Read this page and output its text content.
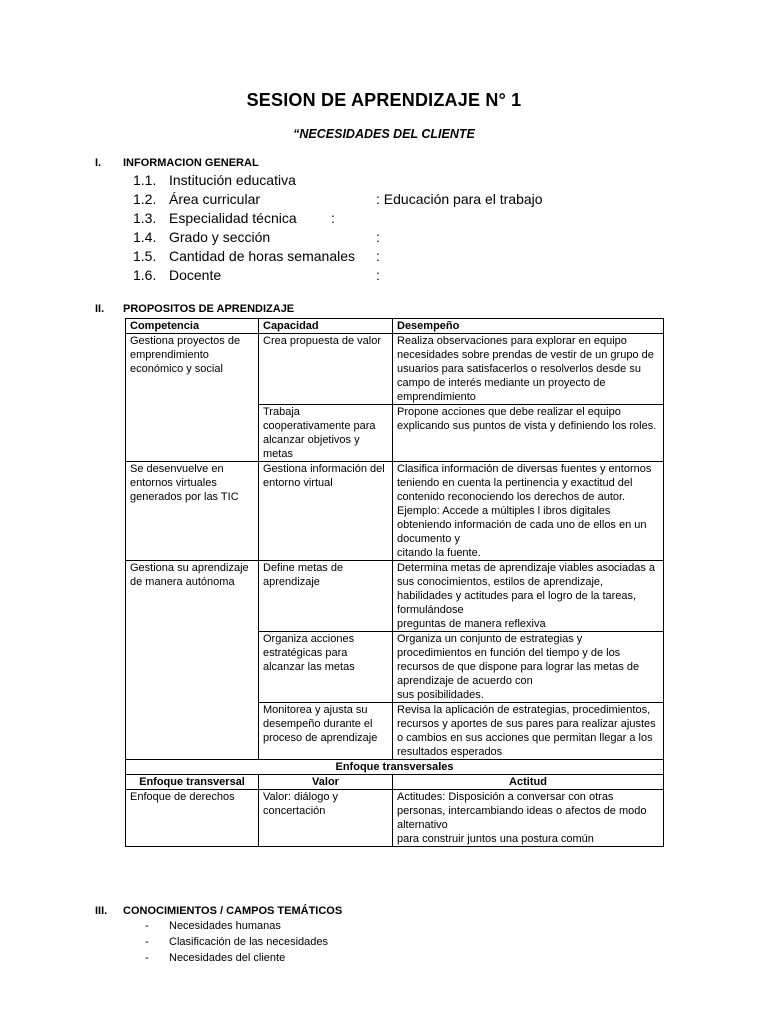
SESION DE APRENDIZAJE N° 1
“NECESIDADES DEL CLIENTE
I. INFORMACION GENERAL
1.1. Institución educativa
1.2. Área curricular	: Educación para el trabajo
1.3. Especialidad técnica :
1.4. Grado y sección	:
1.5. Cantidad de horas semanales :
1.6. Docente	:
II. PROPOSITOS DE APRENDIZAJE
Competencia	Capacidad	Desempeño
Gestiona proyectos de emprendimiento económico y social	Crea propuesta de valor	Realiza observaciones para explorar en equipo necesidades sobre prendas de vestir de un grupo de usuarios para satisfacerlos o resolverlos desde su
campo de interés mediante un proyecto de emprendimiento
	Trabaja cooperativamente para alcanzar objetivos y metas	Propone acciones que debe realizar el equipo explicando sus puntos de vista y definiendo los roles.
Se desenvuelve en entornos virtuales generados por las TIC	Gestiona información del entorno virtual	Clasifica información de diversas fuentes y entornos teniendo en cuenta la pertinencia y exactitud del contenido reconociendo los derechos de autor.
Ejemplo: Accede a múltiples l ibros digitales obteniendo información de cada uno de ellos en un documento y
citando la fuente.
Gestiona su aprendizaje de manera autónoma	Define metas de aprendizaje	Determina metas de aprendizaje viables asociadas a
sus conocimientos, estilos de aprendizaje, habilidades y actitudes para el logro de la tareas, formulándose
preguntas de manera reflexiva
	Organiza acciones estratégicas para alcanzar las metas	Organiza un conjunto de estrategias y procedimientos en función del tiempo y de los recursos de que dispone para lograr las metas de aprendizaje de acuerdo con
sus posibilidades.
	Monitorea y ajusta su desempeño durante el proceso de aprendizaje	Revisa la aplicación de estrategias, procedimientos, recursos y aportes de sus pares para realizar ajustes o cambios en sus acciones que permitan llegar a los
resultados esperados
Enfoque transversales		
Enfoque transversal	Valor	Actitud
Enfoque de derechos	Valor: diálogo y concertación	Actitudes: Disposición a conversar con otras personas, intercambiando ideas o afectos de modo alternativo
para construir juntos una postura común
III. CONOCIMIENTOS / CAMPOS TEMÁTICOS
- Necesidades humanas
- Clasificación de las necesidades
- Necesidades del cliente
